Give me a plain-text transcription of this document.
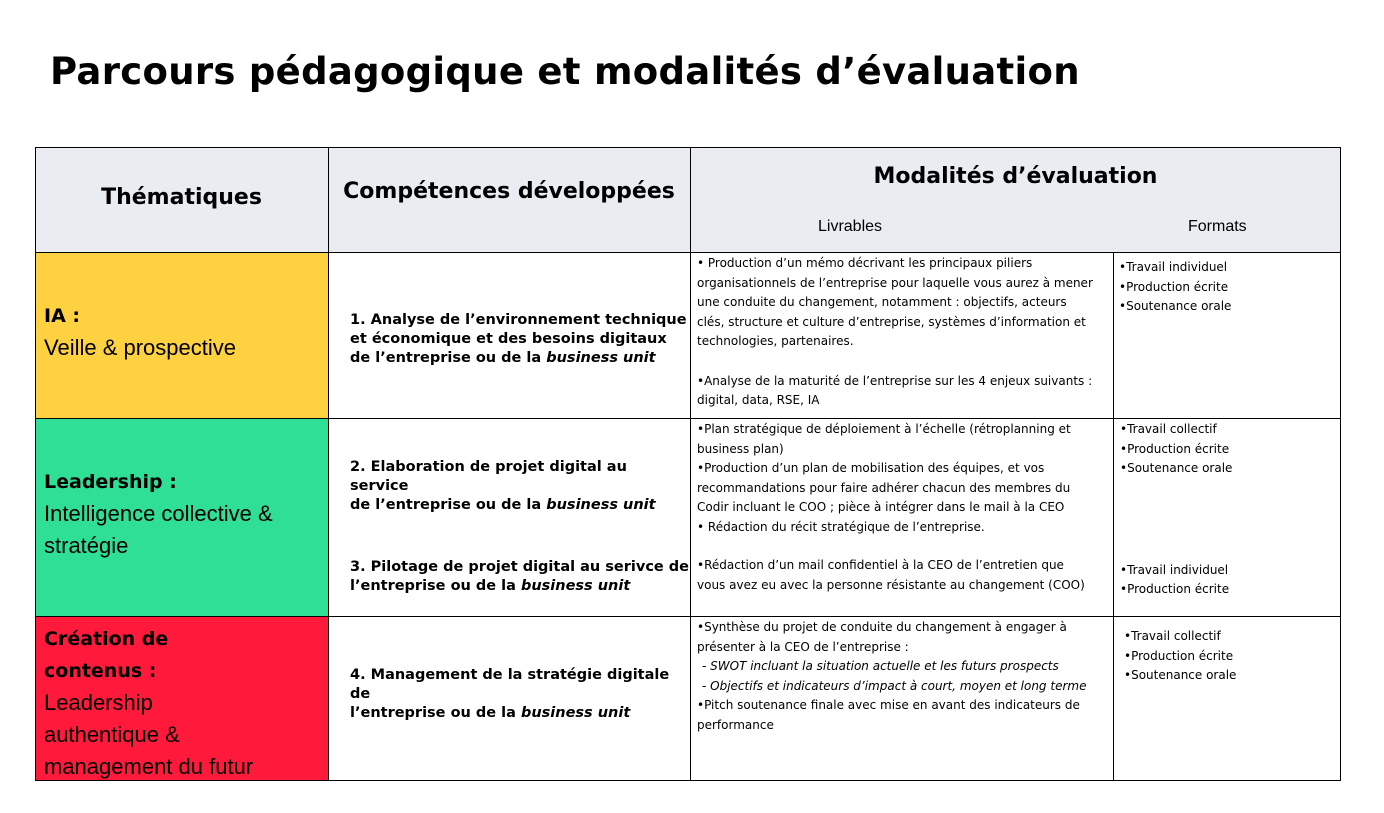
Parcours pédagogique et modalités d’évaluation
Thématiques	Compétences développées
Modalités d’évaluation
Livrables	Formats
IA :
Veille & prospective
1. Analyse de l’environnement technique
et économique et des besoins digitaux
de l’entreprise ou de la business unit

• Production d’un mémo décrivant les principaux piliers

organisationnels de l’entreprise pour laquelle vous aurez à mener

une conduite du changement, notamment : objectifs, acteurs

clés, structure et culture d’entreprise, systèmes d’information et

technologies, partenaires.

•Analyse de la maturité de l’entreprise sur les 4 enjeux suivants :

digital, data, RSE, IA

•Travail individuel

•Production écrite

•Soutenance orale

Leadership :
Intelligence collective &
stratégie
2. Elaboration de projet digital au service
de l’entreprise ou de la business unit
3. Pilotage de projet digital au serivce de
l’entreprise ou de la business unit

•Plan stratégique de déploiement à l’échelle (rétroplanning et

business plan)

•Production d’un plan de mobilisation des équipes, et vos

recommandations pour faire adhérer chacun des membres du

Codir incluant le COO ; pièce à intégrer dans le mail à la CEO

• Rédaction du récit stratégique de l’entreprise.

•Rédaction d’un mail confidentiel à la CEO de l’entretien que

vous avez eu avec la personne résistante au changement (COO)

•Travail collectif

•Production écrite

•Soutenance orale

•Travail individuel

•Production écrite

Création de
contenus :
Leadership
authentique &
management du futur
4. Management de la stratégie digitale de
l’entreprise ou de la business unit

•Synthèse du projet de conduite du changement à engager à

présenter à la CEO de l’entreprise :

- SWOT incluant la situation actuelle et les futurs prospects

- Objectifs et indicateurs d’impact à court, moyen et long terme

•Pitch soutenance finale avec mise en avant des indicateurs de

performance

•Travail collectif

•Production écrite

•Soutenance orale
